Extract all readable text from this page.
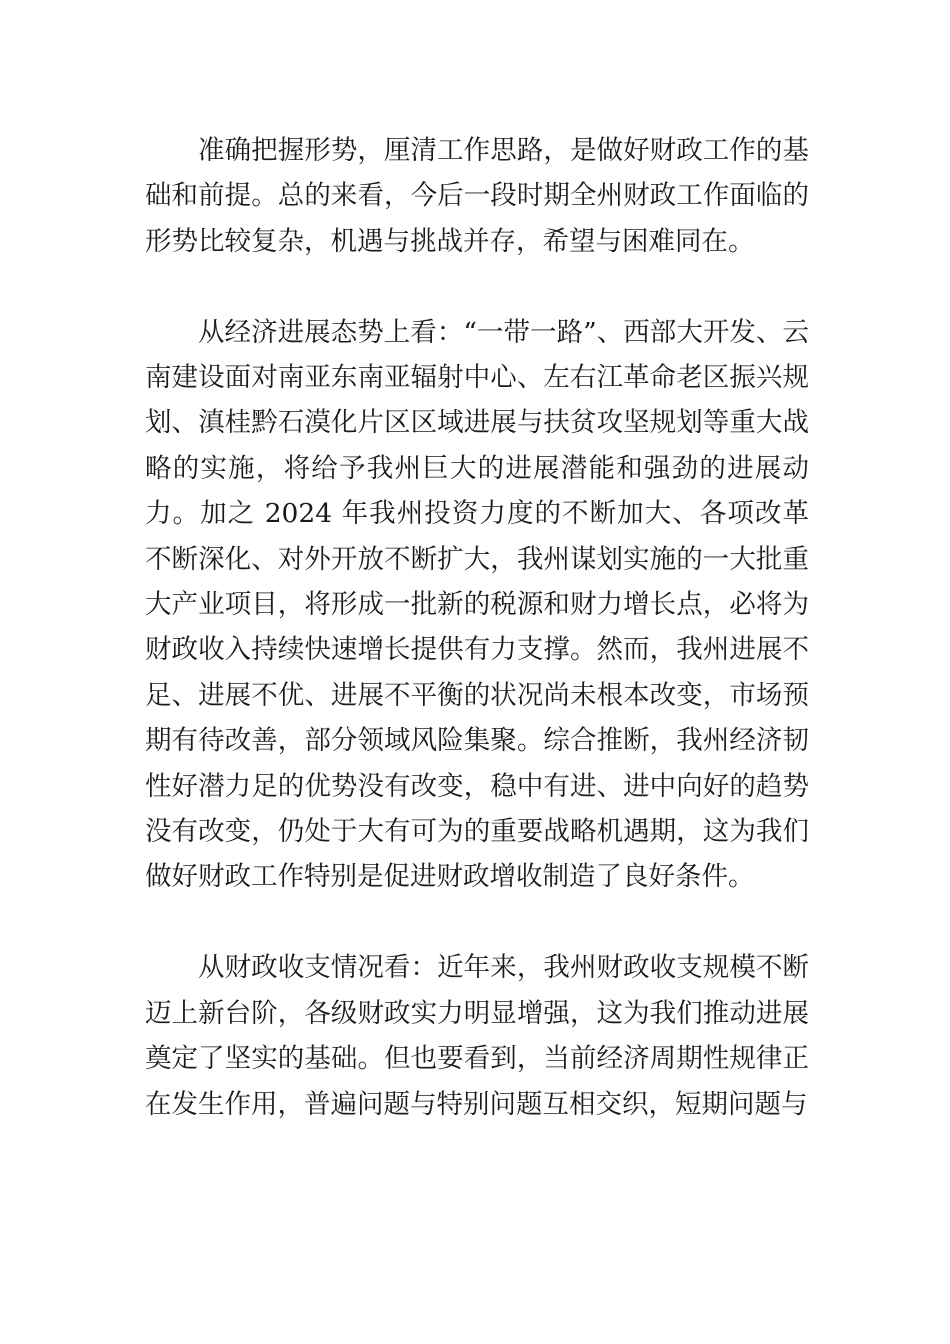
准确把握形势，厘清工作思路，是做好财政工作的基础和前提。总的来看，今后一段时期全州财政工作面临的形势比较复杂，机遇与挑战并存，希望与困难同在。

从经济进展态势上看：“一带一路”、西部大开发、云南建设面对南亚东南亚辐射中心、左右江革命老区振兴规划、滇桂黔石漠化片区区域进展与扶贫攻坚规划等重大战略的实施，将给予我州巨大的进展潜能和强劲的进展动力。加之 2024 年我州投资力度的不断加大、各项改革不断深化、对外开放不断扩大，我州谋划实施的一大批重大产业项目，将形成一批新的税源和财力增长点，必将为财政收入持续快速增长提供有力支撑。然而，我州进展不足、进展不优、进展不平衡的状况尚未根本改变，市场预期有待改善，部分领域风险集聚。综合推断，我州经济韧性好潜力足的优势没有改变，稳中有进、进中向好的趋势没有改变，仍处于大有可为的重要战略机遇期，这为我们做好财政工作特别是促进财政增收制造了良好条件。

从财政收支情况看：近年来，我州财政收支规模不断迈上新台阶，各级财政实力明显增强，这为我们推动进展奠定了坚实的基础。但也要看到，当前经济周期性规律正在发生作用，普遍问题与特别问题互相交织，短期问题与
